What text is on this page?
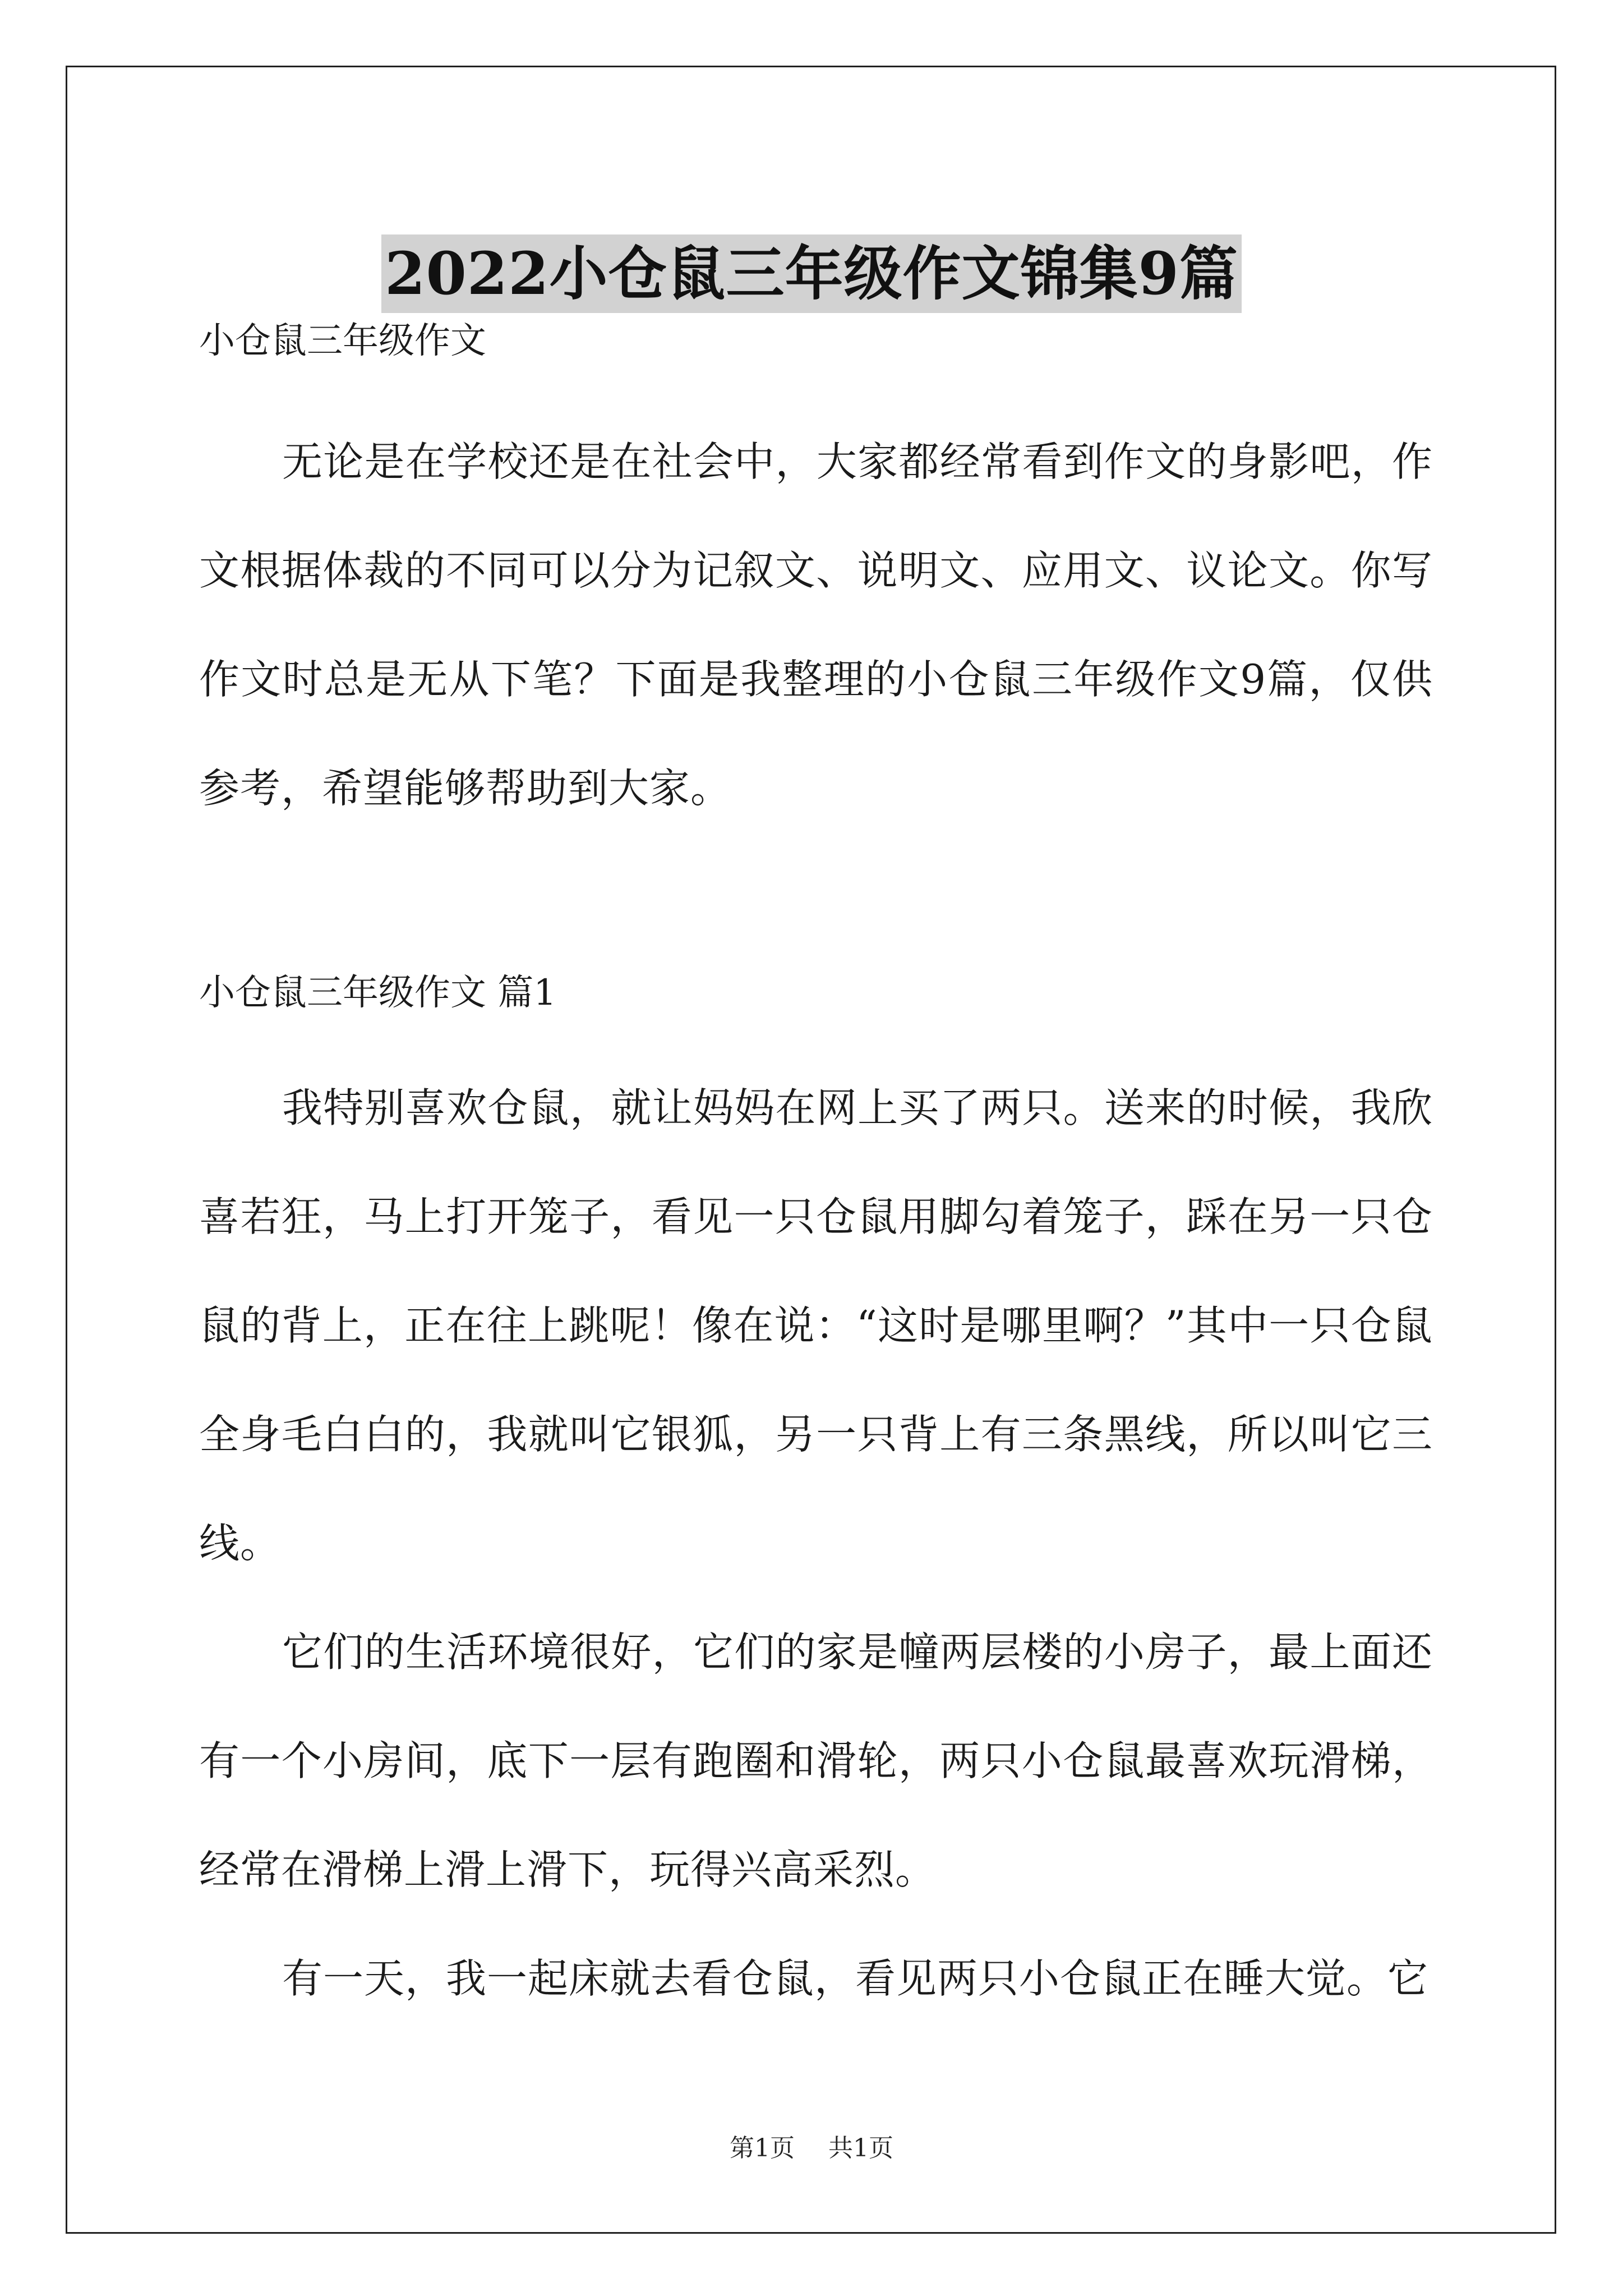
2022小仓鼠三年级作文锦集9篇

小仓鼠三年级作文

无论是在学校还是在社会中，大家都经常看到作文的身影吧，作文根据体裁的不同可以分为记叙文、说明文、应用文、议论文。你写作文时总是无从下笔？下面是我整理的小仓鼠三年级作文9篇，仅供参考，希望能够帮助到大家。

小仓鼠三年级作文 篇1

我特别喜欢仓鼠，就让妈妈在网上买了两只。送来的时候，我欣喜若狂，马上打开笼子，看见一只仓鼠用脚勾着笼子，踩在另一只仓鼠的背上，正在往上跳呢！像在说：“这时是哪里啊？”其中一只仓鼠全身毛白白的，我就叫它银狐，另一只背上有三条黑线，所以叫它三线。

它们的生活环境很好，它们的家是幢两层楼的小房子，最上面还有一个小房间，底下一层有跑圈和滑轮，两只小仓鼠最喜欢玩滑梯，经常在滑梯上滑上滑下，玩得兴高采烈。

有一天，我一起床就去看仓鼠，看见两只小仓鼠正在睡大觉。它

第1页 共1页
